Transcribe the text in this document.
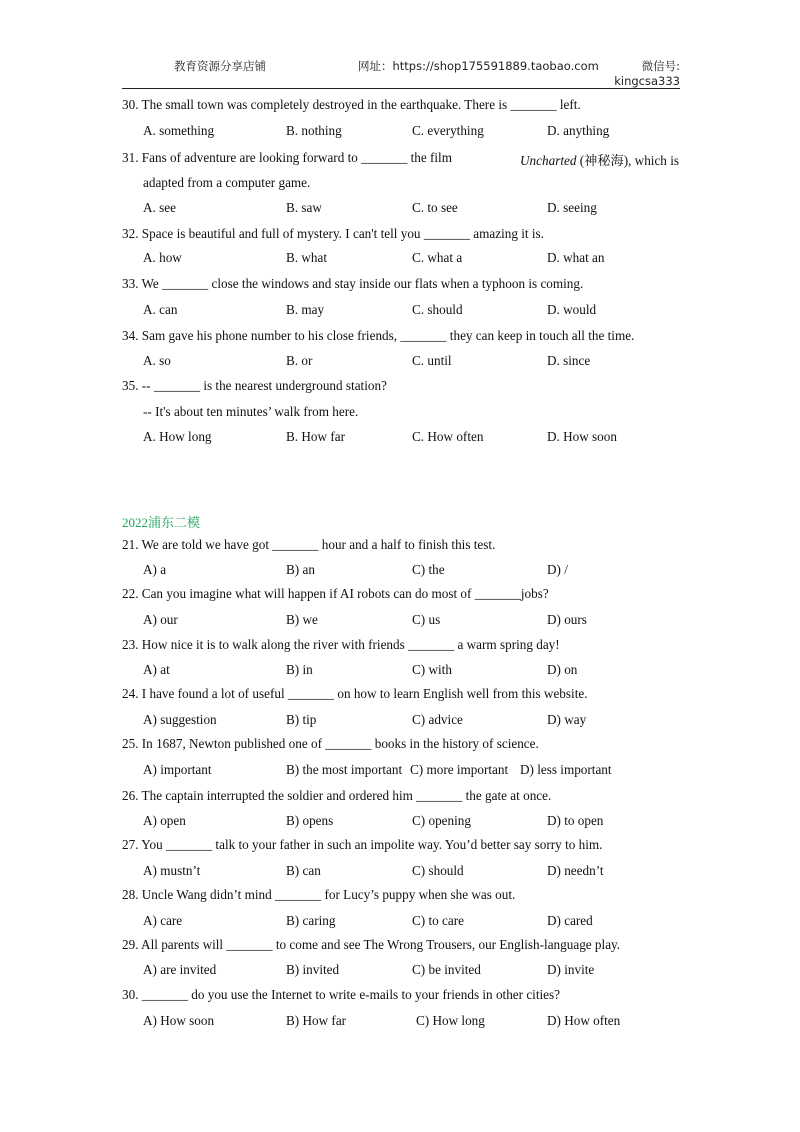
教育资源分享店铺	网址：https://shop175591889.taobao.com	微信号:
kingcsa333
30. The small town was completely destroyed in the earthquake. There is _______ left.
A. something	B. nothing	C. everything	D. anything
31. Fans of adventure are looking forward to _______ the film	Uncharted (神秘海), which is
adapted from a computer game.
A. see	B. saw	C. to see	D. seeing
32. Space is beautiful and full of mystery. I can't tell you _______ amazing it is.
A. how	B. what	C. what a	D. what an
33. We _______ close the windows and stay inside our flats when a typhoon is coming.
A. can	B. may	C. should	D. would
34. Sam gave his phone number to his close friends, _______ they can keep in touch all the time.
A. so	B. or	C. until	D. since
35. -- _______ is the nearest underground station?
-- It's about ten minutes’ walk from here.
A. How long	B. How far	C. How often	D. How soon
2022浦东二模
21. We are told we have got _______ hour and a half to finish this test.
A) a	B) an	C) the	D) /
22. Can you imagine what will happen if AI robots can do most of _______jobs?
A) our	B) we	C) us	D) ours
23. How nice it is to walk along the river with friends _______ a warm spring day!
A) at	B) in	C) with	D) on
24. I have found a lot of useful _______ on how to learn English well from this website.
A) suggestion	B) tip	C) advice	D) way
25. In 1687, Newton published one of _______ books in the history of science.
A) important	B) the most important C) more important D) less important
26. The captain interrupted the soldier and ordered him _______ the gate at once.
A) open	B) opens	C) opening	D) to open
27. You _______ talk to your father in such an impolite way. You’d better say sorry to him.
A) mustn’t	B) can	C) should	D) needn’t
28. Uncle Wang didn’t mind _______ for Lucy’s puppy when she was out.
A) care	B) caring	C) to care	D) cared
29. All parents will _______ to come and see The Wrong Trousers, our English-language play.
A) are invited	B) invited	C) be invited	D) invite
30. _______ do you use the Internet to write e-mails to your friends in other cities?
A) How soon	B) How far	C) How long	D) How often
